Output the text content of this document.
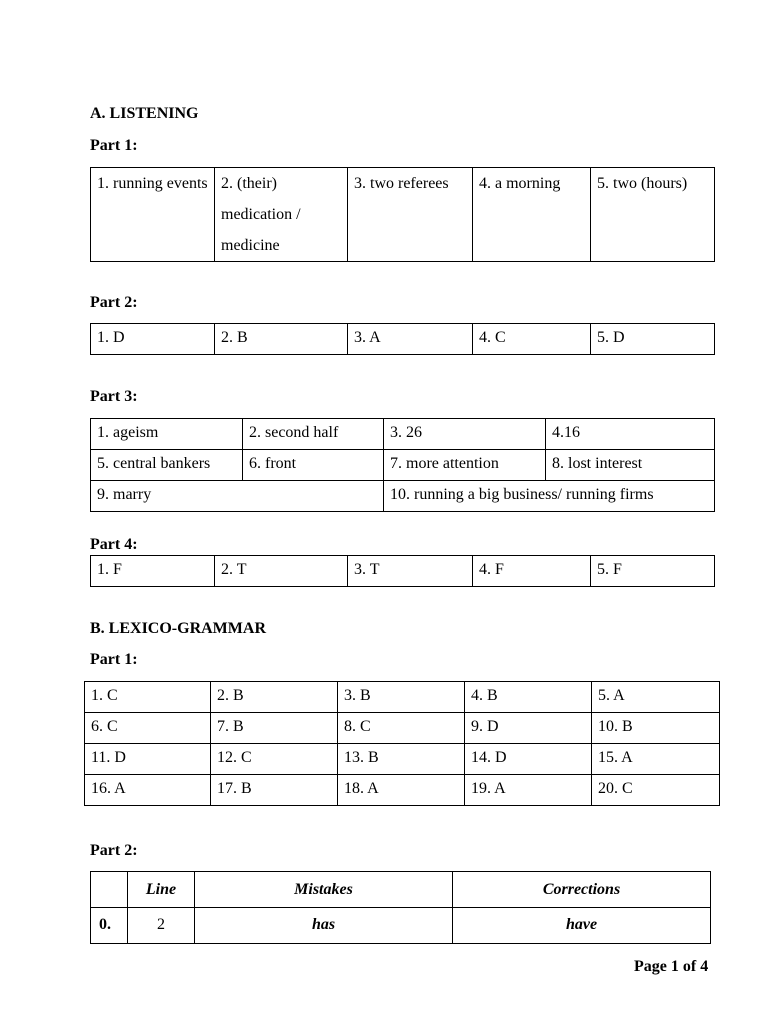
A. LISTENING
Part 1:
1. running events	2. (their) medication / medicine	3. two referees	4. a morning	5. two (hours)
Part 2:
1. D	2. B	3. A	4. C	5. D
Part 3:
1. ageism	2. second half	3. 26	4.16
5. central bankers	6. front	7. more attention	8. lost interest
9. marry		10. running a big business/ running firms	
Part 4:
1. F	2. T	3. T	4. F	5. F
B. LEXICO-GRAMMAR
Part 1:
1. C	2. B	3. B	4. B	5. A
6. C	7. B	8. C	9. D	10. B
11. D	12. C	13. B	14. D	15. A
16. A	17. B	18. A	19. A	20. C
Part 2:
	Line	Mistakes	Corrections
0.	2	has	have
Page 1 of 4
